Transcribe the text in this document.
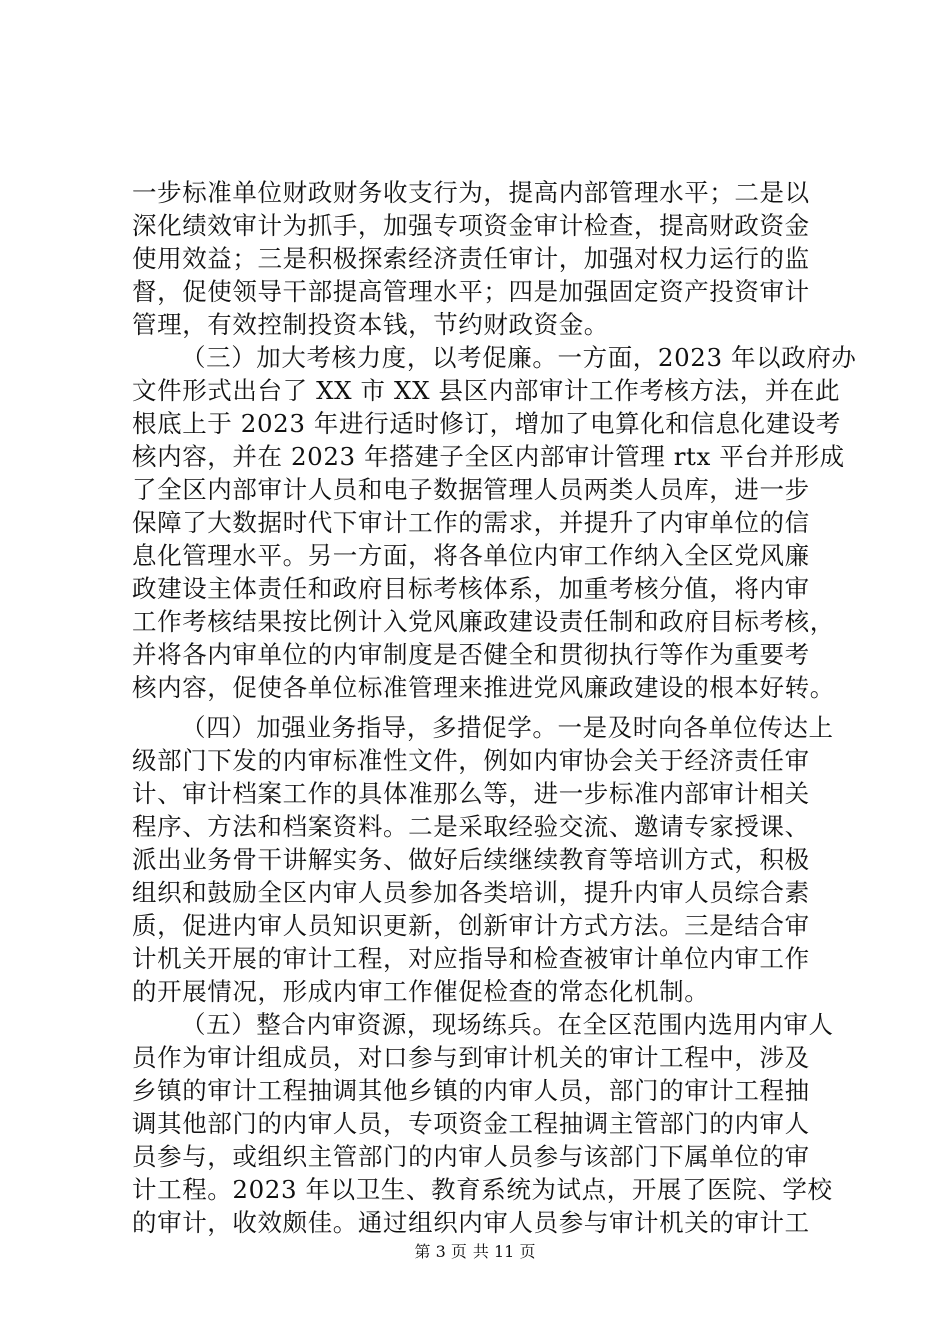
一步标准单位财政财务收支行为，提高内部管理水平；二是以
深化绩效审计为抓手，加强专项资金审计检查，提高财政资金
使用效益；三是积极探索经济责任审计，加强对权力运行的监
督，促使领导干部提高管理水平；四是加强固定资产投资审计
管理，有效控制投资本钱，节约财政资金。
（三）加大考核力度，以考促廉。一方面，2023 年以政府办
文件形式出台了 XX 市 XX 县区内部审计工作考核方法，并在此
根底上于 2023 年进行适时修订，增加了电算化和信息化建设考
核内容，并在 2023 年搭建子全区内部审计管理 rtx 平台并形成
了全区内部审计人员和电子数据管理人员两类人员库，进一步
保障了大数据时代下审计工作的需求，并提升了内审单位的信
息化管理水平。另一方面，将各单位内审工作纳入全区党风廉
政建设主体责任和政府目标考核体系，加重考核分值，将内审
工作考核结果按比例计入党风廉政建设责任制和政府目标考核，
并将各内审单位的内审制度是否健全和贯彻执行等作为重要考
核内容，促使各单位标准管理来推进党风廉政建设的根本好转。
（四）加强业务指导，多措促学。一是及时向各单位传达上
级部门下发的内审标准性文件，例如内审协会关于经济责任审
计、审计档案工作的具体准那么等，进一步标准内部审计相关
程序、方法和档案资料。二是采取经验交流、邀请专家授课、
派出业务骨干讲解实务、做好后续继续教育等培训方式，积极
组织和鼓励全区内审人员参加各类培训，提升内审人员综合素
质，促进内审人员知识更新，创新审计方式方法。三是结合审
计机关开展的审计工程，对应指导和检查被审计单位内审工作
的开展情况，形成内审工作催促检查的常态化机制。
（五）整合内审资源，现场练兵。在全区范围内选用内审人
员作为审计组成员，对口参与到审计机关的审计工程中，涉及
乡镇的审计工程抽调其他乡镇的内审人员，部门的审计工程抽
调其他部门的内审人员，专项资金工程抽调主管部门的内审人
员参与，或组织主管部门的内审人员参与该部门下属单位的审
计工程。2023 年以卫生、教育系统为试点，开展了医院、学校
的审计，收效颇佳。通过组织内审人员参与审计机关的审计工
第 3 页 共 11 页
